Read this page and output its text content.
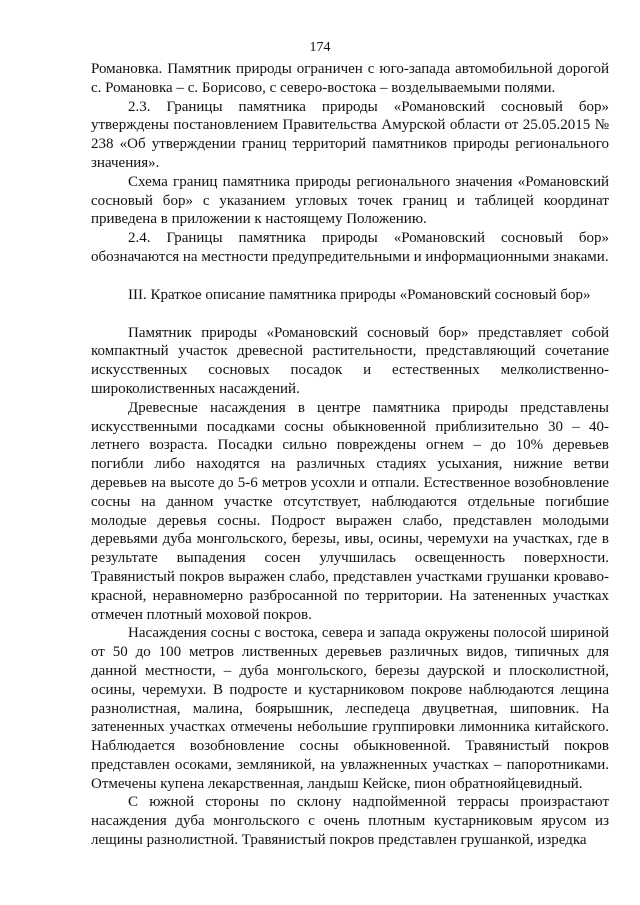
174

Романовка. Памятник природы ограничен с юго-запада автомобильной дорогой с. Романовка – с. Борисово, с северо-востока – возделываемыми полями.

2.3. Границы памятника природы «Романовский сосновый бор» утверждены постановлением Правительства Амурской области от 25.05.2015 № 238 «Об утверждении границ территорий памятников природы регионального значения».

Схема границ памятника природы регионального значения «Романовский сосновый бор» с указанием угловых точек границ и таблицей координат приведена в приложении к настоящему Положению.

2.4. Границы памятника природы «Романовский сосновый бор» обозначаются на местности предупредительными и информационными знаками.

III. Краткое описание памятника природы «Романовский сосновый бор»

Памятник природы «Романовский сосновый бор» представляет собой компактный участок древесной растительности, представляющий сочетание искусственных сосновых посадок и естественных мелколиственно-широколиственных насаждений.

Древесные насаждения в центре памятника природы представлены искусственными посадками сосны обыкновенной приблизительно 30 – 40-летнего возраста. Посадки сильно повреждены огнем – до 10% деревьев погибли либо находятся на различных стадиях усыхания, нижние ветви деревьев на высоте до 5-6 метров усохли и отпали. Естественное возобновление сосны на данном участке отсутствует, наблюдаются отдельные погибшие молодые деревья сосны. Подрост выражен слабо, представлен молодыми деревьями дуба монгольского, березы, ивы, осины, черемухи на участках, где в результате выпадения сосен улучшилась освещенность поверхности. Травянистый покров выражен слабо, представлен участками грушанки кроваво-красной, неравномерно разбросанной по территории. На затененных участках отмечен плотный моховой покров.

Насаждения сосны с востока, севера и запада окружены полосой шириной от 50 до 100 метров лиственных деревьев различных видов, типичных для данной местности, – дуба монгольского, березы даурской и плосколистной, осины, черемухи. В подросте и кустарниковом покрове наблюдаются лещина разнолистная, малина, боярышник, леспедеца двуцветная, шиповник. На затененных участках отмечены небольшие группировки лимонника китайского. Наблюдается возобновление сосны обыкновенной. Травянистый покров представлен осоками, земляникой, на увлажненных участках – папоротниками. Отмечены купена лекарственная, ландыш Кейске, пион обратнояйцевидный.

С южной стороны по склону надпойменной террасы произрастают насаждения дуба монгольского с очень плотным кустарниковым ярусом из лещины разнолистной. Травянистый покров представлен грушанкой, изредка
